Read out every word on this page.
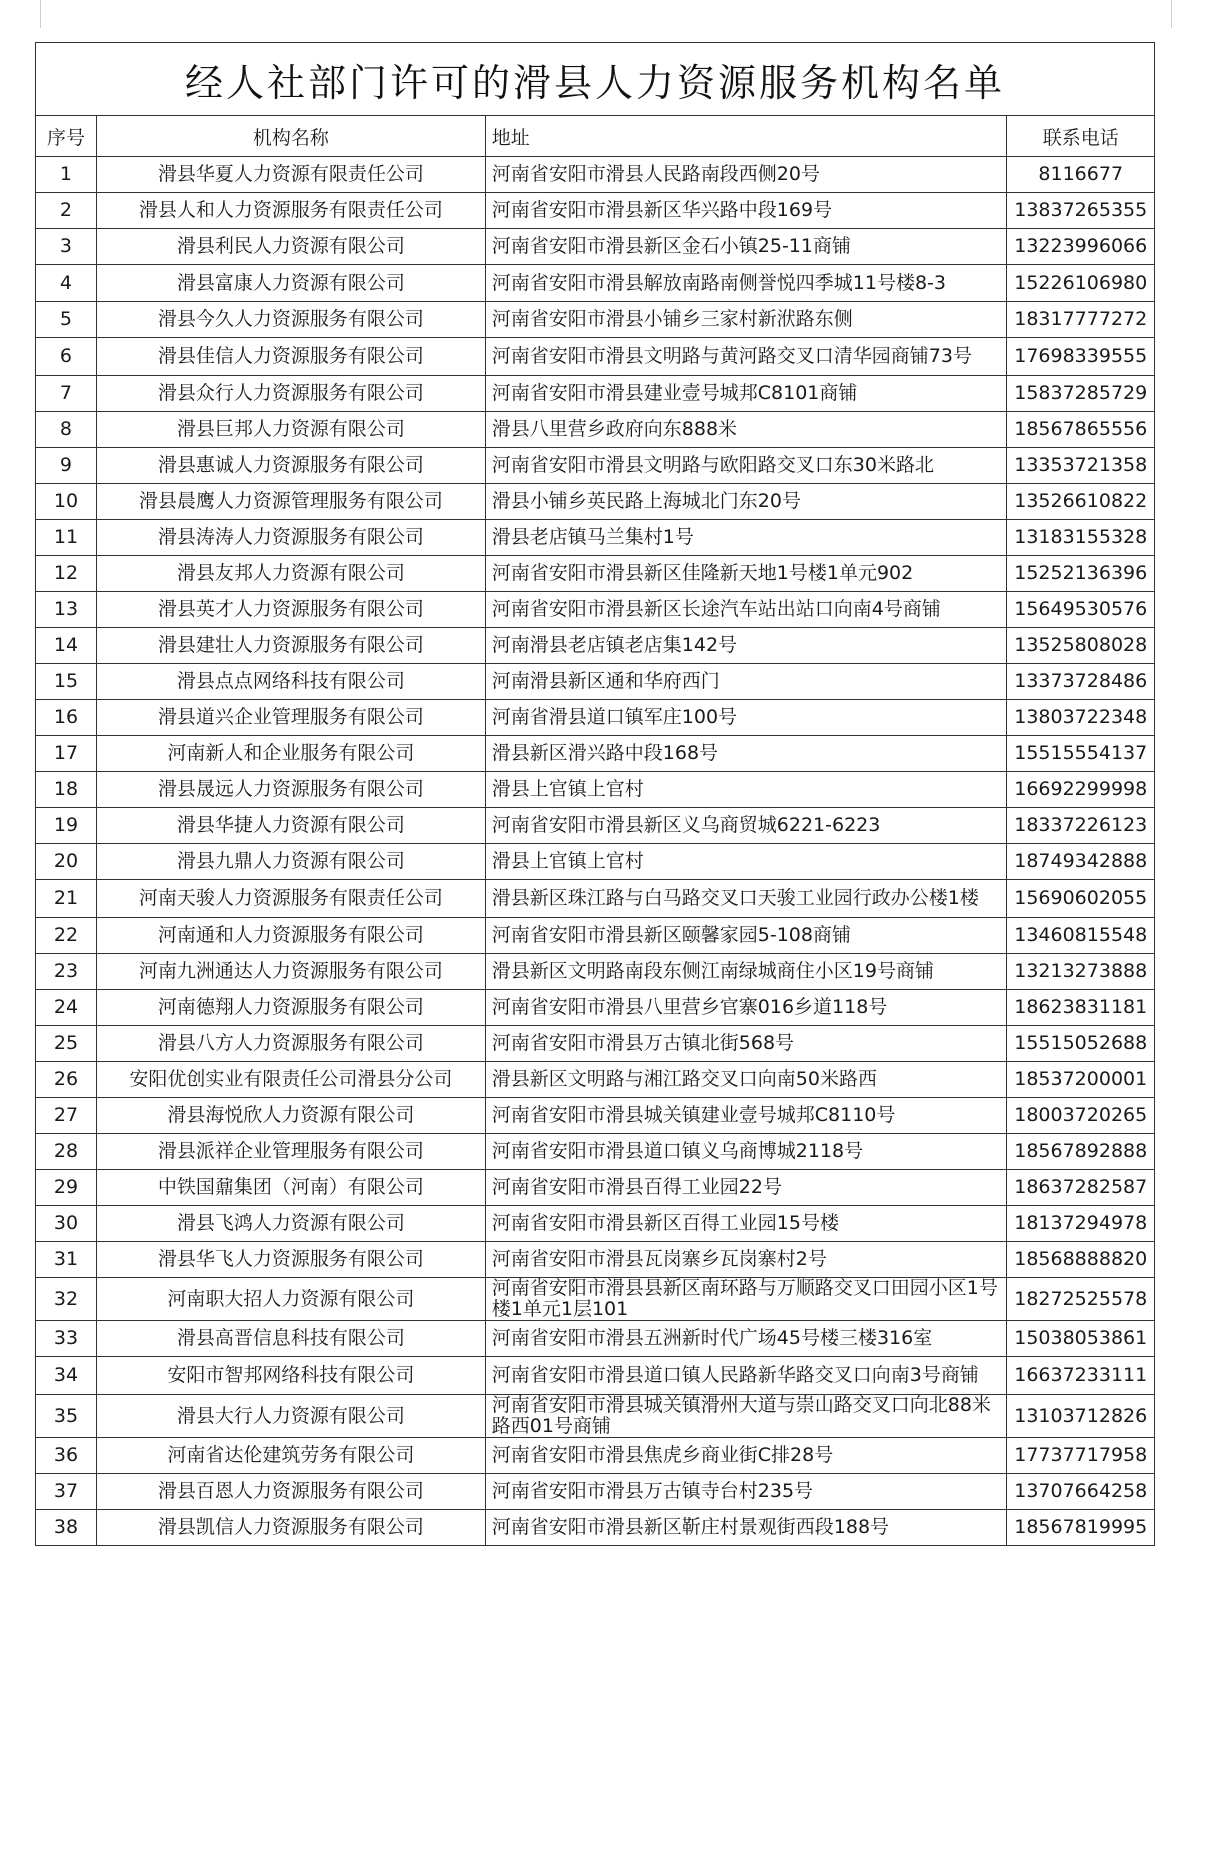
经人社部门许可的滑县人力资源服务机构名单			
序号	机构名称	地址	联系电话
1	滑县华夏人力资源有限责任公司	河南省安阳市滑县人民路南段西侧20号	8116677
2	滑县人和人力资源服务有限责任公司	河南省安阳市滑县新区华兴路中段169号	13837265355
3	滑县利民人力资源有限公司	河南省安阳市滑县新区金石小镇25-11商铺	13223996066
4	滑县富康人力资源有限公司	河南省安阳市滑县解放南路南侧誉悦四季城11号楼8-3	15226106980
5	滑县今久人力资源服务有限公司	河南省安阳市滑县小铺乡三家村新洑路东侧	18317777272
6	滑县佳信人力资源服务有限公司	河南省安阳市滑县文明路与黄河路交叉口清华园商铺73号	17698339555
7	滑县众行人力资源服务有限公司	河南省安阳市滑县建业壹号城邦C8101商铺	15837285729
8	滑县巨邦人力资源有限公司	滑县八里营乡政府向东888米	18567865556
9	滑县惠诚人力资源服务有限公司	河南省安阳市滑县文明路与欧阳路交叉口东30米路北	13353721358
10	滑县晨鹰人力资源管理服务有限公司	滑县小铺乡英民路上海城北门东20号	13526610822
11	滑县涛涛人力资源服务有限公司	滑县老店镇马兰集村1号	13183155328
12	滑县友邦人力资源有限公司	河南省安阳市滑县新区佳隆新天地1号楼1单元902	15252136396
13	滑县英才人力资源服务有限公司	河南省安阳市滑县新区长途汽车站出站口向南4号商铺	15649530576
14	滑县建壮人力资源服务有限公司	河南滑县老店镇老店集142号	13525808028
15	滑县点点网络科技有限公司	河南滑县新区通和华府西门	13373728486
16	滑县道兴企业管理服务有限公司	河南省滑县道口镇军庄100号	13803722348
17	河南新人和企业服务有限公司	滑县新区滑兴路中段168号	15515554137
18	滑县晟远人力资源服务有限公司	滑县上官镇上官村	16692299998
19	滑县华捷人力资源有限公司	河南省安阳市滑县新区义乌商贸城6221-6223	18337226123
20	滑县九鼎人力资源有限公司	滑县上官镇上官村	18749342888
21	河南天骏人力资源服务有限责任公司	滑县新区珠江路与白马路交叉口天骏工业园行政办公楼1楼	15690602055
22	河南通和人力资源服务有限公司	河南省安阳市滑县新区颐馨家园5-108商铺	13460815548
23	河南九洲通达人力资源服务有限公司	滑县新区文明路南段东侧江南绿城商住小区19号商铺	13213273888
24	河南德翔人力资源服务有限公司	河南省安阳市滑县八里营乡官寨016乡道118号	18623831181
25	滑县八方人力资源服务有限公司	河南省安阳市滑县万古镇北街568号	15515052688
26	安阳优创实业有限责任公司滑县分公司	滑县新区文明路与湘江路交叉口向南50米路西	18537200001
27	滑县海悦欣人力资源有限公司	河南省安阳市滑县城关镇建业壹号城邦C8110号	18003720265
28	滑县派祥企业管理服务有限公司	河南省安阳市滑县道口镇义乌商博城2118号	18567892888
29	中铁国鼐集团（河南）有限公司	河南省安阳市滑县百得工业园22号	18637282587
30	滑县飞鸿人力资源有限公司	河南省安阳市滑县新区百得工业园15号楼	18137294978
31	滑县华飞人力资源服务有限公司	河南省安阳市滑县瓦岗寨乡瓦岗寨村2号	18568888820
32	河南职大招人力资源有限公司	河南省安阳市滑县县新区南环路与万顺路交叉口田园小区1号楼1单元1层101	18272525578
33	滑县高晋信息科技有限公司	河南省安阳市滑县五洲新时代广场45号楼三楼316室	15038053861
34	安阳市智邦网络科技有限公司	河南省安阳市滑县道口镇人民路新华路交叉口向南3号商铺	16637233111
35	滑县大行人力资源有限公司	河南省安阳市滑县城关镇滑州大道与崇山路交叉口向北88米路西01号商铺	13103712826
36	河南省达伦建筑劳务有限公司	河南省安阳市滑县焦虎乡商业街C排28号	17737717958
37	滑县百恩人力资源服务有限公司	河南省安阳市滑县万古镇寺台村235号	13707664258
38	滑县凯信人力资源服务有限公司	河南省安阳市滑县新区靳庄村景观街西段188号	18567819995
